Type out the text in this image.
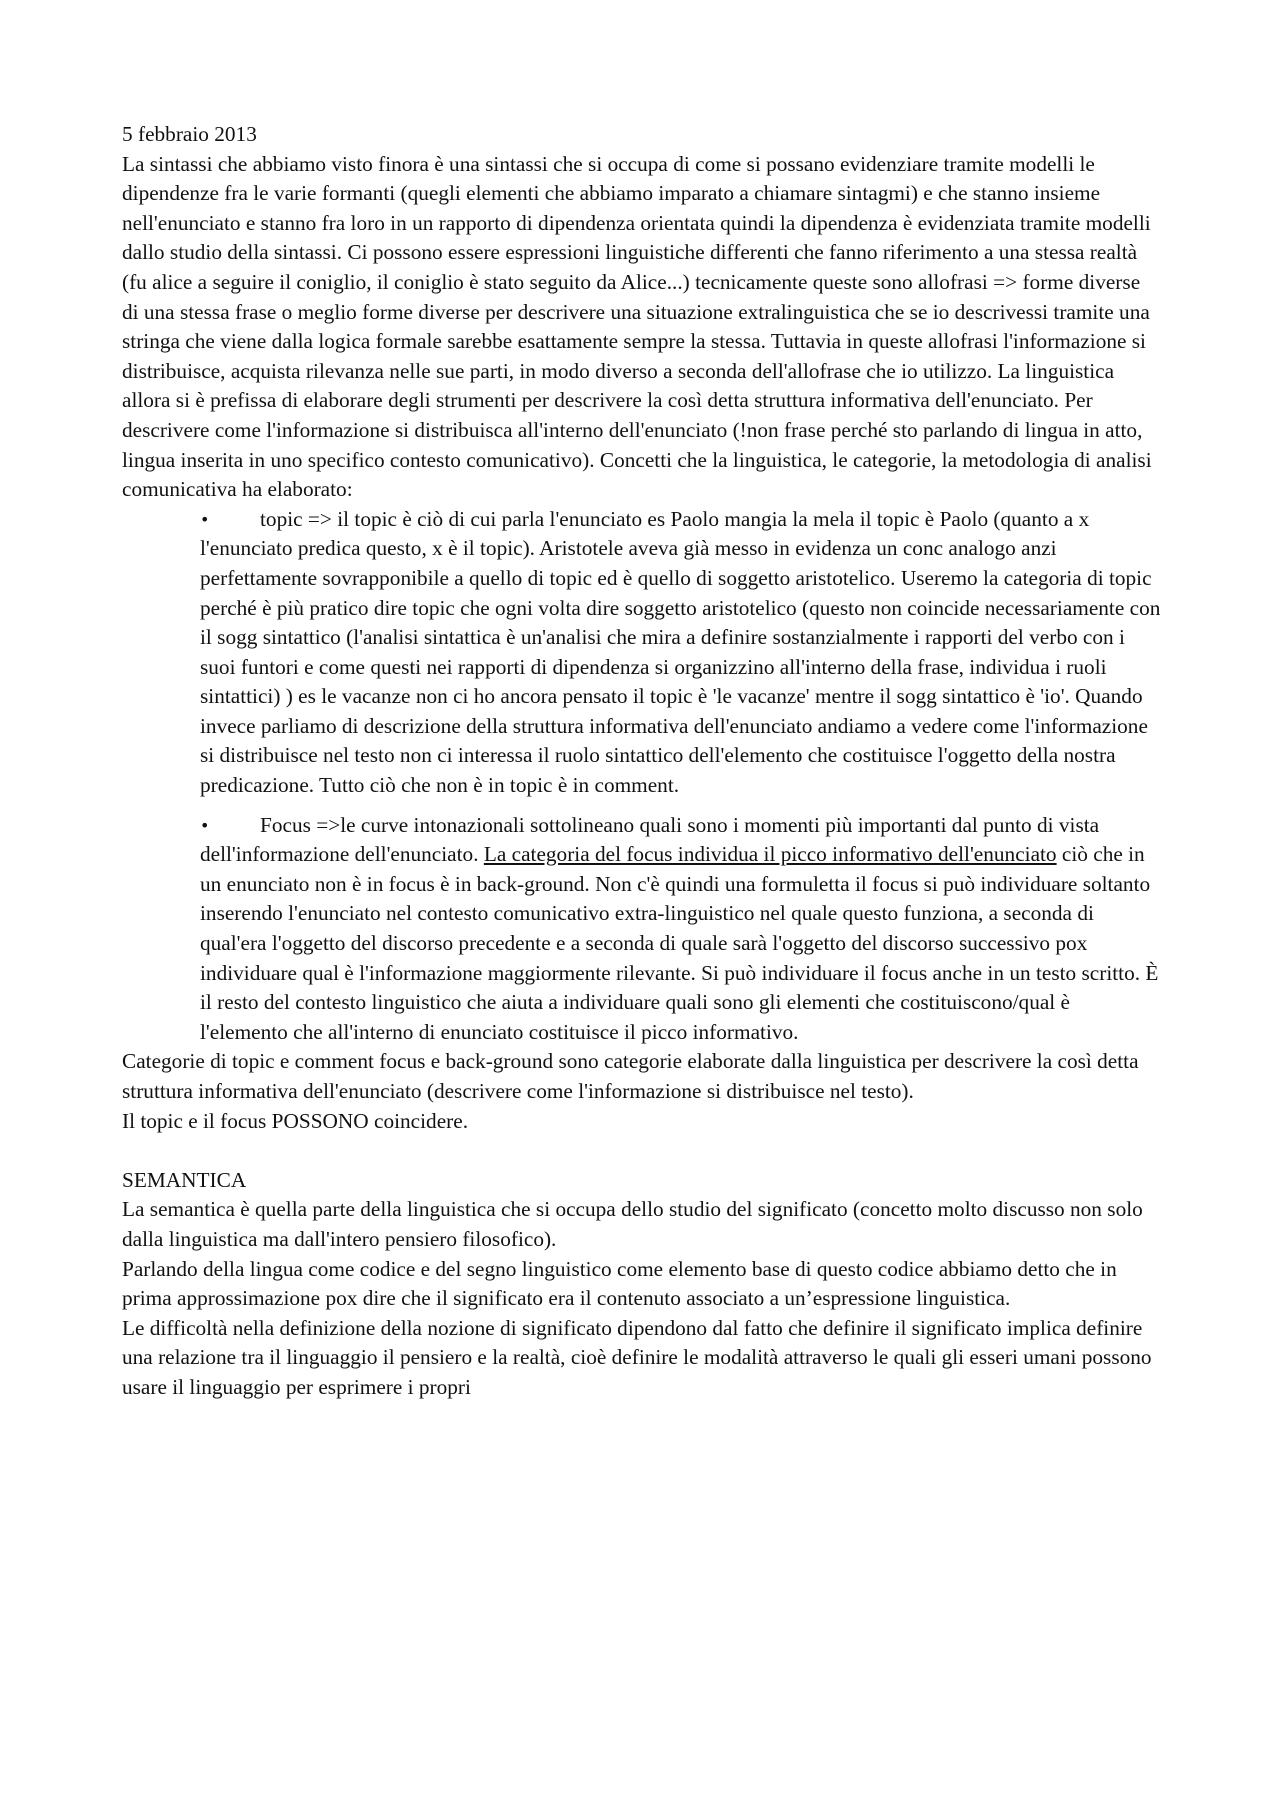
5 febbraio 2013

La sintassi che abbiamo visto finora è una sintassi che si occupa di come si possano evidenziare tramite modelli le dipendenze fra le varie formanti (quegli elementi che abbiamo imparato a chiamare sintagmi) e che stanno insieme nell'enunciato e stanno fra loro in un rapporto di dipendenza orientata quindi la dipendenza è evidenziata tramite modelli dallo studio della sintassi. Ci possono essere espressioni linguistiche differenti che fanno riferimento a una stessa realtà (fu alice a seguire il coniglio, il coniglio è stato seguito da Alice...) tecnicamente queste sono allofrasi => forme diverse di una stessa frase o meglio forme diverse per descrivere una situazione extralinguistica che se io descrivessi tramite una stringa che viene dalla logica formale sarebbe esattamente sempre la stessa. Tuttavia in queste allofrasi l'informazione si distribuisce, acquista rilevanza nelle sue parti, in modo diverso a seconda dell'allofrase che io utilizzo. La linguistica allora si è prefissa di elaborare degli strumenti per descrivere la così detta struttura informativa dell'enunciato. Per descrivere come l'informazione si distribuisca all'interno dell'enunciato (!non frase perché sto parlando di lingua in atto, lingua inserita in uno specifico contesto comunicativo). Concetti che la linguistica, le categorie, la metodologia di analisi comunicativa ha elaborato:

• topic => il topic è ciò di cui parla l'enunciato es Paolo mangia la mela il topic è Paolo (quanto a x l'enunciato predica questo, x è il topic). Aristotele aveva già messo in evidenza un conc analogo anzi perfettamente sovrapponibile a quello di topic ed è quello di soggetto aristotelico. Useremo la categoria di topic perché è più pratico dire topic che ogni volta dire soggetto aristotelico (questo non coincide necessariamente con il sogg sintattico (l'analisi sintattica è un'analisi che mira a definire sostanzialmente i rapporti del verbo con i suoi funtori e come questi nei rapporti di dipendenza si organizzino all'interno della frase, individua i ruoli sintattici) ) es le vacanze non ci ho ancora pensato il topic è 'le vacanze' mentre il sogg sintattico è 'io'. Quando invece parliamo di descrizione della struttura informativa dell'enunciato andiamo a vedere come l'informazione si distribuisce nel testo non ci interessa il ruolo sintattico dell'elemento che costituisce l'oggetto della nostra predicazione. Tutto ciò che non è in topic è in comment.
• Focus =>le curve intonazionali sottolineano quali sono i momenti più importanti dal punto di vista dell'informazione dell'enunciato. La categoria del focus individua il picco informativo dell'enunciato ciò che in un enunciato non è in focus è in back-ground. Non c'è quindi una formuletta il focus si può individuare soltanto inserendo l'enunciato nel contesto comunicativo extra-linguistico nel quale questo funziona, a seconda di qual'era l'oggetto del discorso precedente e a seconda di quale sarà l'oggetto del discorso successivo pox individuare qual è l'informazione maggiormente rilevante. Si può individuare il focus anche in un testo scritto. È il resto del contesto linguistico che aiuta a individuare quali sono gli elementi che costituiscono/qual è l'elemento che all'interno di enunciato costituisce il picco informativo.

Categorie di topic e comment focus e back-ground sono categorie elaborate dalla linguistica per descrivere la così detta struttura informativa dell'enunciato (descrivere come l'informazione si distribuisce nel testo).

Il topic e il focus POSSONO coincidere.

SEMANTICA

La semantica è quella parte della linguistica che si occupa dello studio del significato (concetto molto discusso non solo dalla linguistica ma dall'intero pensiero filosofico).

Parlando della lingua come codice e del segno linguistico come elemento base di questo codice abbiamo detto che in prima approssimazione pox dire che il significato era il contenuto associato a un’espressione linguistica.

Le difficoltà nella definizione della nozione di significato dipendono dal fatto che definire il significato implica definire una relazione tra il linguaggio il pensiero e la realtà, cioè definire le modalità attraverso le quali gli esseri umani possono usare il linguaggio per esprimere i propri
